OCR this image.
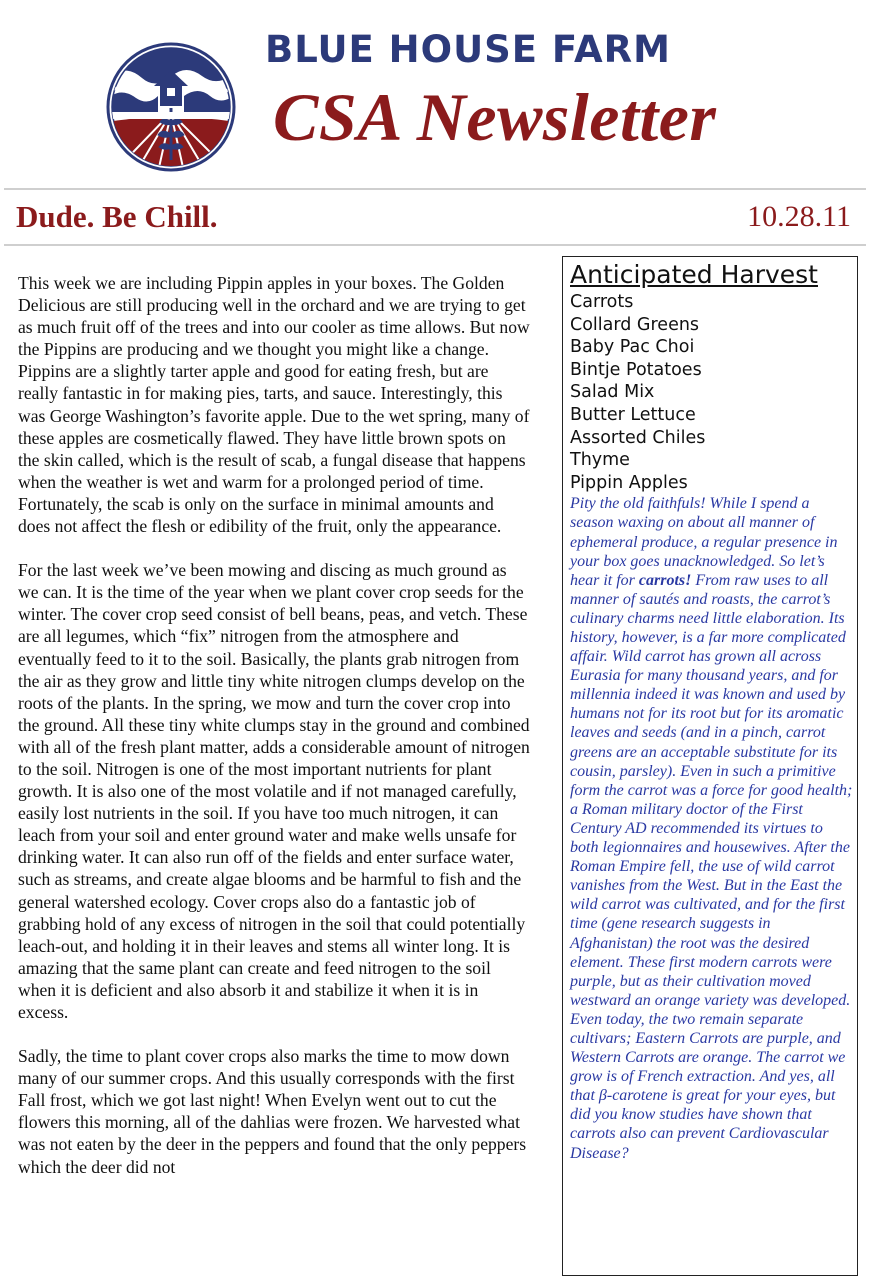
BLUE HOUSE FARM
CSA Newsletter
Dude. Be Chill.	10.28.11

This week we are including Pippin apples in your boxes. The Golden Delicious are still producing well in the orchard and we are trying to get as much fruit off of the trees and into our cooler as time allows. But now the Pippins are producing and we thought you might like a change. Pippins are a slightly tarter apple and good for eating fresh, but are really fantastic in for making pies, tarts, and sauce. Interestingly, this was George Washington’s favorite apple. Due to the wet spring, many of these apples are cosmetically flawed. They have little brown spots on the skin called, which is the result of scab, a fungal disease that happens when the weather is wet and warm for a prolonged period of time. Fortunately, the scab is only on the surface in minimal amounts and does not affect the flesh or edibility of the fruit, only the appearance.

For the last week we’ve been mowing and discing as much ground as we can. It is the time of the year when we plant cover crop seeds for the winter. The cover crop seed consist of bell beans, peas, and vetch. These are all legumes, which “fix” nitrogen from the atmosphere and eventually feed to it to the soil. Basically, the plants grab nitrogen from the air as they grow and little tiny white nitrogen clumps develop on the roots of the plants. In the spring, we mow and turn the cover crop into the ground. All these tiny white clumps stay in the ground and combined with all of the fresh plant matter, adds a considerable amount of nitrogen to the soil. Nitrogen is one of the most important nutrients for plant growth. It is also one of the most volatile and if not managed carefully, easily lost nutrients in the soil. If you have too much nitrogen, it can leach from your soil and enter ground water and make wells unsafe for drinking water. It can also run off of the fields and enter surface water, such as streams, and create algae blooms and be harmful to fish and the general watershed ecology. Cover crops also do a fantastic job of grabbing hold of any excess of nitrogen in the soil that could potentially leach-out, and holding it in their leaves and stems all winter long. It is amazing that the same plant can create and feed nitrogen to the soil when it is deficient and also absorb it and stabilize it when it is in excess.

Sadly, the time to plant cover crops also marks the time to mow down many of our summer crops. And this usually corresponds with the first Fall frost, which we got last night! When Evelyn went out to cut the flowers this morning, all of the dahlias were frozen. We harvested what was not eaten by the deer in the peppers and found that the only peppers which the deer did not

Anticipated Harvest
Carrots
Collard Greens
Baby Pac Choi
Bintje Potatoes
Salad Mix
Butter Lettuce
Assorted Chiles
Thyme
Pippin Apples

Pity the old faithfuls! While I spend a season waxing on about all manner of ephemeral produce, a regular presence in your box goes unacknowledged. So let’s hear it for carrots! From raw uses to all manner of sautés and roasts, the carrot’s culinary charms need little elaboration. Its history, however, is a far more complicated affair. Wild carrot has grown all across Eurasia for many thousand years, and for millennia indeed it was known and used by humans not for its root but for its aromatic leaves and seeds (and in a pinch, carrot greens are an acceptable substitute for its cousin, parsley). Even in such a primitive form the carrot was a force for good health; a Roman military doctor of the First Century AD recommended its virtues to both legionnaires and housewives. After the Roman Empire fell, the use of wild carrot vanishes from the West. But in the East the wild carrot was cultivated, and for the first time (gene research suggests in Afghanistan) the root was the desired element. These first modern carrots were purple, but as their cultivation moved westward an orange variety was developed. Even today, the two remain separate cultivars; Eastern Carrots are purple, and Western Carrots are orange. The carrot we grow is of French extraction. And yes, all that β-carotene is great for your eyes, but did you know studies have shown that carrots also can prevent Cardiovascular Disease?
